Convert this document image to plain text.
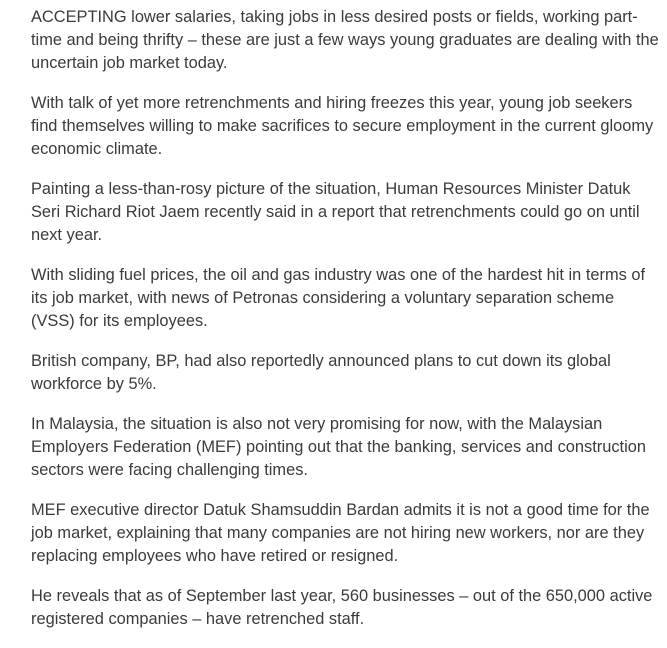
ACCEPTING lower salaries, taking jobs in less desired posts or fields, working part-time and being thrifty – these are just a few ways young graduates are dealing with the uncertain job market today.

With talk of yet more retrenchments and hiring freezes this year, young job seekers find themselves willing to make sacrifices to secure employment in the current gloomy economic climate.

Painting a less-than-rosy picture of the situation, Human Resources Minister Datuk Seri Richard Riot Jaem recently said in a report that retrenchments could go on until next year.

With sliding fuel prices, the oil and gas industry was one of the hardest hit in terms of its job market, with news of Petronas considering a voluntary separation scheme (VSS) for its employees.

British company, BP, had also reportedly announced plans to cut down its global workforce by 5%.

In Malaysia, the situation is also not very promising for now, with the Malaysian Employers Federation (MEF) pointing out that the banking, services and construction sectors were facing challenging times.

MEF executive director Datuk Shamsuddin Bardan admits it is not a good time for the job market, explaining that many companies are not hiring new workers, nor are they replacing employees who have retired or resigned.

He reveals that as of September last year, 560 businesses – out of the 650,000 active registered companies – have retrenched staff.
